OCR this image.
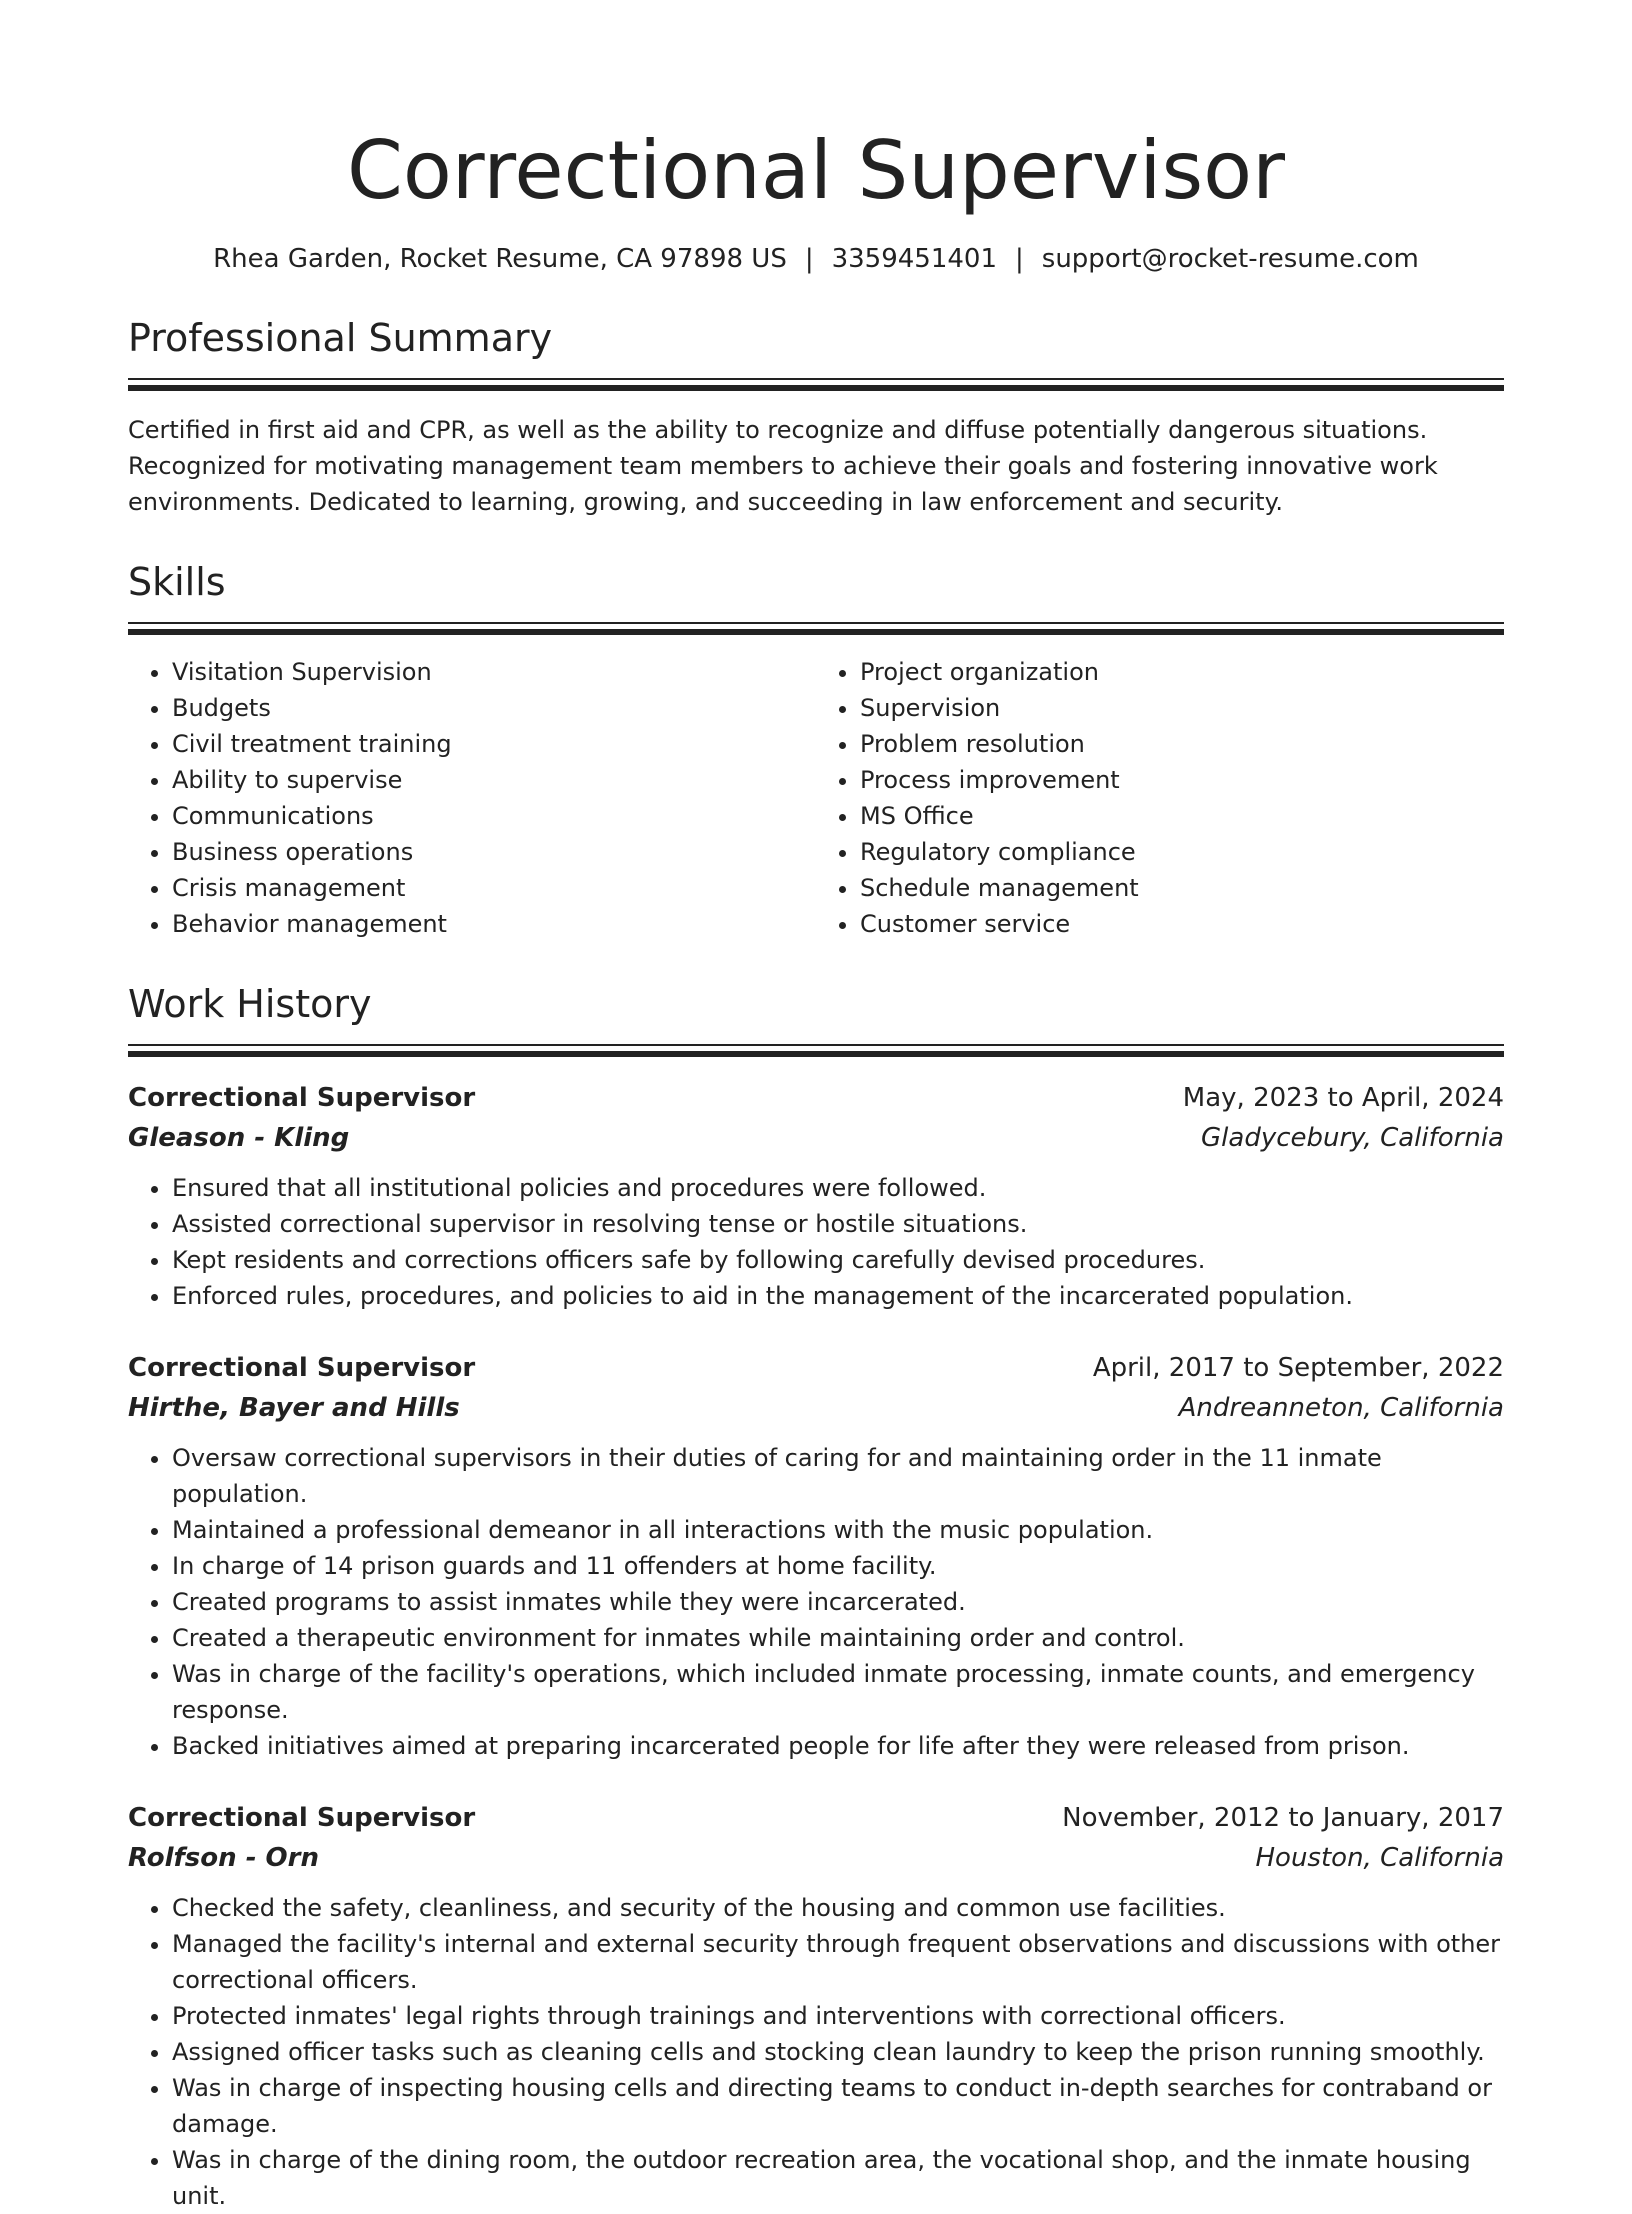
Correctional Supervisor
Rhea Garden, Rocket Resume, CA 97898 US | 3359451401 | support@rocket-resume.com
Professional Summary
Certified in first aid and CPR, as well as the ability to recognize and diffuse potentially dangerous situations. Recognized for motivating management team members to achieve their goals and fostering innovative work environments. Dedicated to learning, growing, and succeeding in law enforcement and security.
Skills
• Visitation Supervision
• Budgets
• Civil treatment training
• Ability to supervise
• Communications
• Business operations
• Crisis management
• Behavior management
• Project organization
• Supervision
• Problem resolution
• Process improvement
• MS Office
• Regulatory compliance
• Schedule management
• Customer service
Work History
Correctional Supervisor	May, 2023 to April, 2024
Gleason - Kling	Gladycebury, California
• Ensured that all institutional policies and procedures were followed.
• Assisted correctional supervisor in resolving tense or hostile situations.
• Kept residents and corrections officers safe by following carefully devised procedures.
• Enforced rules, procedures, and policies to aid in the management of the incarcerated population.
Correctional Supervisor	April, 2017 to September, 2022
Hirthe, Bayer and Hills	Andreanneton, California
• Oversaw correctional supervisors in their duties of caring for and maintaining order in the 11 inmate population.
• Maintained a professional demeanor in all interactions with the music population.
• In charge of 14 prison guards and 11 offenders at home facility.
• Created programs to assist inmates while they were incarcerated.
• Created a therapeutic environment for inmates while maintaining order and control.
• Was in charge of the facility's operations, which included inmate processing, inmate counts, and emergency response.
• Backed initiatives aimed at preparing incarcerated people for life after they were released from prison.
Correctional Supervisor	November, 2012 to January, 2017
Rolfson - Orn	Houston, California
• Checked the safety, cleanliness, and security of the housing and common use facilities.
• Managed the facility's internal and external security through frequent observations and discussions with other correctional officers.
• Protected inmates' legal rights through trainings and interventions with correctional officers.
• Assigned officer tasks such as cleaning cells and stocking clean laundry to keep the prison running smoothly.
• Was in charge of inspecting housing cells and directing teams to conduct in-depth searches for contraband or damage.
• Was in charge of the dining room, the outdoor recreation area, the vocational shop, and the inmate housing unit.
